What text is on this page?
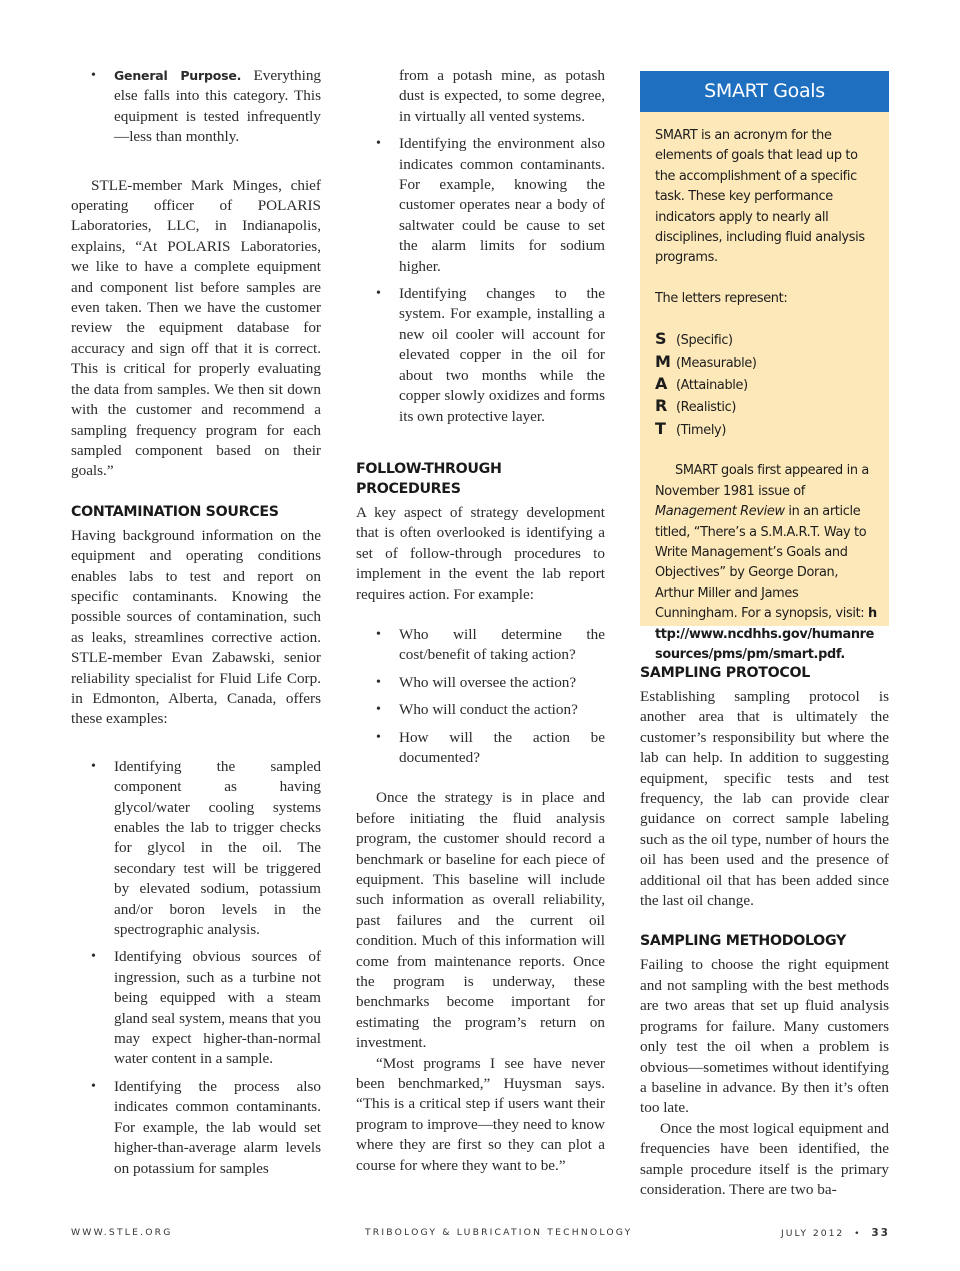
• General Purpose. Everything else falls into this category. This equipment is tested infrequently—less than monthly.

STLE-member Mark Minges, chief operating officer of POLARIS Laboratories, LLC, in Indianapolis, explains, “At POLARIS Laboratories, we like to have a complete equipment and component list before samples are even taken. Then we have the customer review the equipment database for accuracy and sign off that it is correct. This is critical for properly evaluating the data from samples. We then sit down with the customer and recommend a sampling frequency program for each sampled component based on their goals.”

CONTAMINATION SOURCES

Having background information on the equipment and operating conditions enables labs to test and report on specific contaminants. Knowing the possible sources of contamination, such as leaks, streamlines corrective action. STLE-member Evan Zabawski, senior reliability specialist for Fluid Life Corp. in Edmonton, Alberta, Canada, offers these examples:

• Identifying the sampled component as having glycol/water cooling systems enables the lab to trigger checks for glycol in the oil. The secondary test will be triggered by elevated sodium, potassium and/or boron levels in the spectrographic analysis.
• Identifying obvious sources of ingression, such as a turbine not being equipped with a steam gland seal system, means that you may expect higher-than-normal water content in a sample.
• Identifying the process also indicates common contaminants. For example, the lab would set higher-than-average alarm levels on potassium for samples

from a potash mine, as potash dust is expected, to some degree, in virtually all vented systems.

• Identifying the environment also indicates common contaminants. For example, knowing the customer operates near a body of saltwater could be cause to set the alarm limits for sodium higher.
• Identifying changes to the system. For example, installing a new oil cooler will account for elevated copper in the oil for about two months while the copper slowly oxidizes and forms its own protective layer.
FOLLOW-THROUGH PROCEDURES

A key aspect of strategy development that is often overlooked is identifying a set of follow-through procedures to implement in the event the lab report requires action. For example:

• Who will determine the cost/benefit of taking action?
• Who will oversee the action?
• Who will conduct the action?
• How will the action be documented?

Once the strategy is in place and before initiating the fluid analysis program, the customer should record a benchmark or baseline for each piece of equipment. This baseline will include such information as overall reliability, past failures and the current oil condition. Much of this information will come from maintenance reports. Once the program is underway, these benchmarks become important for estimating the program’s return on investment.

“Most programs I see have never been benchmarked,” Huysman says. “This is a critical step if users want their program to improve—they need to know where they are first so they can plot a course for where they want to be.”

SMART Goals

SMART is an acronym for the elements of goals that lead up to the accomplishment of a specific task. These key performance indicators apply to nearly all disciplines, including fluid analysis programs.

The letters represent:

S (Specific)
M (Measurable)
A (Attainable)
R (Realistic)
T (Timely)

SMART goals first appeared in a November 1981 issue of Management Review in an article titled, “There’s a S.M.A.R.T. Way to Write Management’s Goals and Objectives” by George Doran, Arthur Miller and James Cunningham. For a synopsis, visit: http://www.ncdhhs.gov/humanresources/pms/pm/smart.pdf.

SAMPLING PROTOCOL

Establishing sampling protocol is another area that is ultimately the customer’s responsibility but where the lab can help. In addition to suggesting equipment, specific tests and test frequency, the lab can provide clear guidance on correct sample labeling such as the oil type, number of hours the oil has been used and the presence of additional oil that has been added since the last oil change.

SAMPLING METHODOLOGY

Failing to choose the right equipment and not sampling with the best methods are two areas that set up fluid analysis programs for failure. Many customers only test the oil when a problem is obvious—sometimes without identifying a baseline in advance. By then it’s often too late.

Once the most logical equipment and frequencies have been identified, the sample procedure itself is the primary consideration. There are two ba-

WWW.STLE.ORG	TRIBOLOGY & LUBRICATION TECHNOLOGY	JULY 2012 • 33
